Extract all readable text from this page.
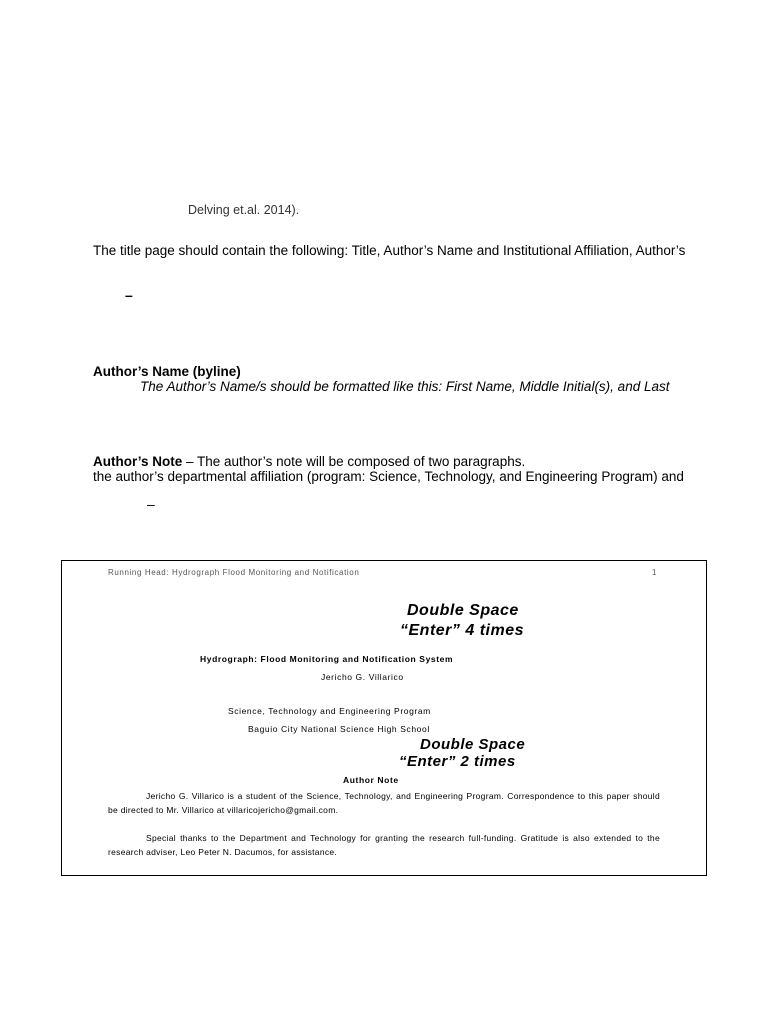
Delving et.al. 2014).
The title page should contain the following: Title, Author’s Name and Institutional Affiliation, Author’s
–
Author’s Name (byline)
The Author’s Name/s should be formatted like this: First Name, Middle Initial(s), and Last
Author’s Note – The author’s note will be composed of two paragraphs.
the author’s departmental affiliation (program: Science, Technology, and Engineering Program) and
–
Running Head: Hydrograph Flood Monitoring and Notification	1
Double Space
“Enter” 4 times
Hydrograph: Flood Monitoring and Notification System
Jericho G. Villarico
Science, Technology and Engineering Program
Baguio City National Science High School
Double Space
“Enter” 2 times
Author Note
Jericho G. Villarico is a student of the Science, Technology, and Engineering Program. Correspondence to this paper should be directed to Mr. Villarico at villaricojericho@gmail.com.
Special thanks to the Department and Technology for granting the research full-funding. Gratitude is also extended to the research adviser, Leo Peter N. Dacumos, for assistance.
